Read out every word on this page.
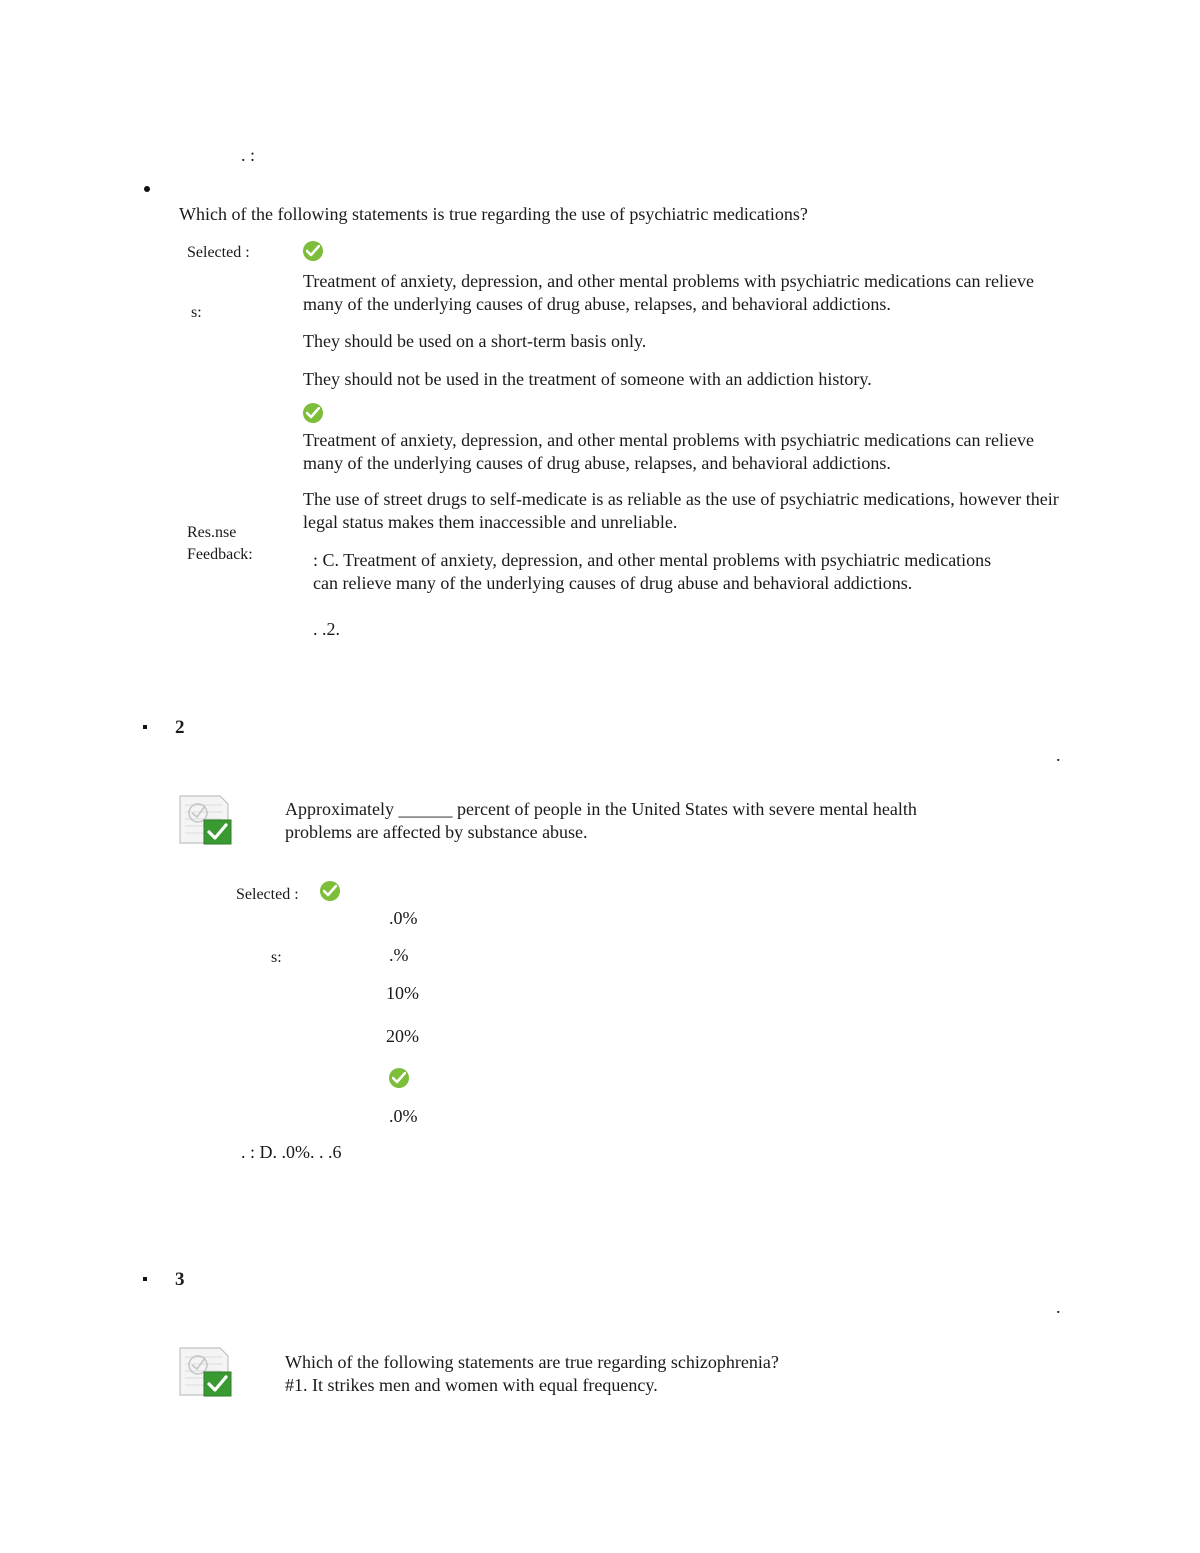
. :
Which of the following statements is true regarding the use of psychiatric medications?
Selected :
Treatment of anxiety, depression, and other mental problems with psychiatric medications can relieve many of the underlying causes of drug abuse, relapses, and behavioral addictions.
s:
They should be used on a short-term basis only.
They should not be used in the treatment of someone with an addiction history.
Treatment of anxiety, depression, and other mental problems with psychiatric medications can relieve many of the underlying causes of drug abuse, relapses, and behavioral addictions.
The use of street drugs to self-medicate is as reliable as the use of psychiatric medications, however their legal status makes them inaccessible and unreliable.
Res.nse
Feedback:	: C. Treatment of anxiety, depression, and other mental problems with psychiatric medications can relieve many of the underlying causes of drug abuse and behavioral addictions.
. .2.
2
.
Approximately ______ percent of people in the United States with severe mental health problems are affected by substance abuse.
Selected :
.0%
s:	.%
10%
20%
.0%
. : D. .0%. . .6
3
.
Which of the following statements are true regarding schizophrenia?
#1. It strikes men and women with equal frequency.
